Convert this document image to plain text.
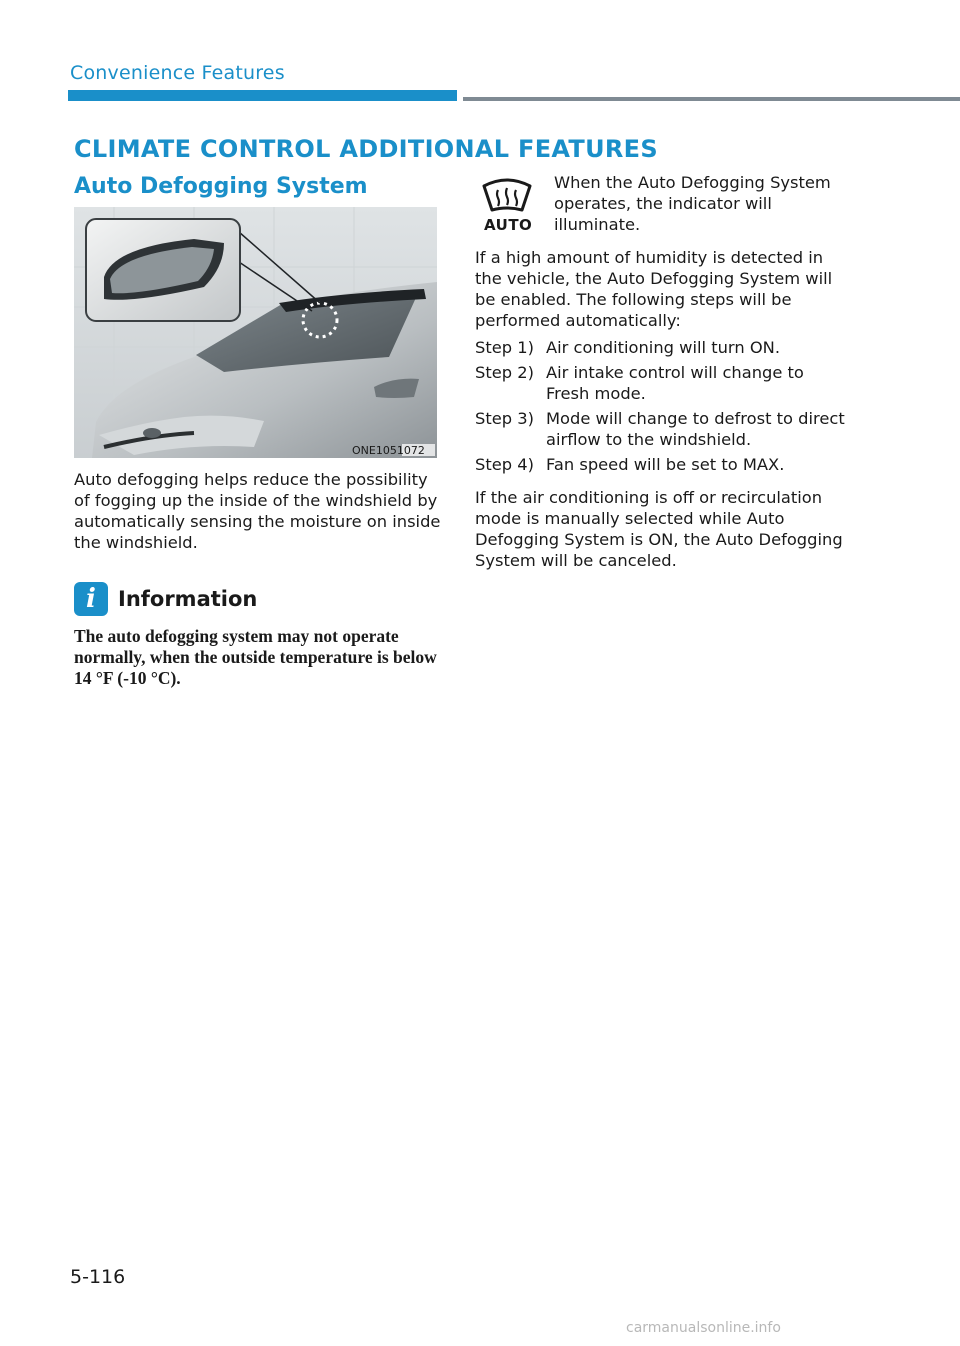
Convenience Features
CLIMATE CONTROL ADDITIONAL FEATURES
Auto Defogging System
ONE1051072
Auto defogging helps reduce the possibility of fogging up the inside of the windshield by automatically sensing the moisture on inside the windshield.
i	Information
The auto defogging system may not operate normally, when the outside temperature is below 14 °F (-10 °C).
AUTO
When the Auto Defogging System operates, the indicator will illuminate.
If a high amount of humidity is detected in the vehicle, the Auto Defogging System will be enabled. The following steps will be performed automatically:
Step 1) Air conditioning will turn ON.
Step 2) Air intake control will change to Fresh mode.
Step 3) Mode will change to defrost to direct airflow to the windshield.
Step 4) Fan speed will be set to MAX.
If the air conditioning is off or recirculation mode is manually selected while Auto Defogging System is ON, the Auto Defogging System will be canceled.
5-116
carmanualsonline.info
